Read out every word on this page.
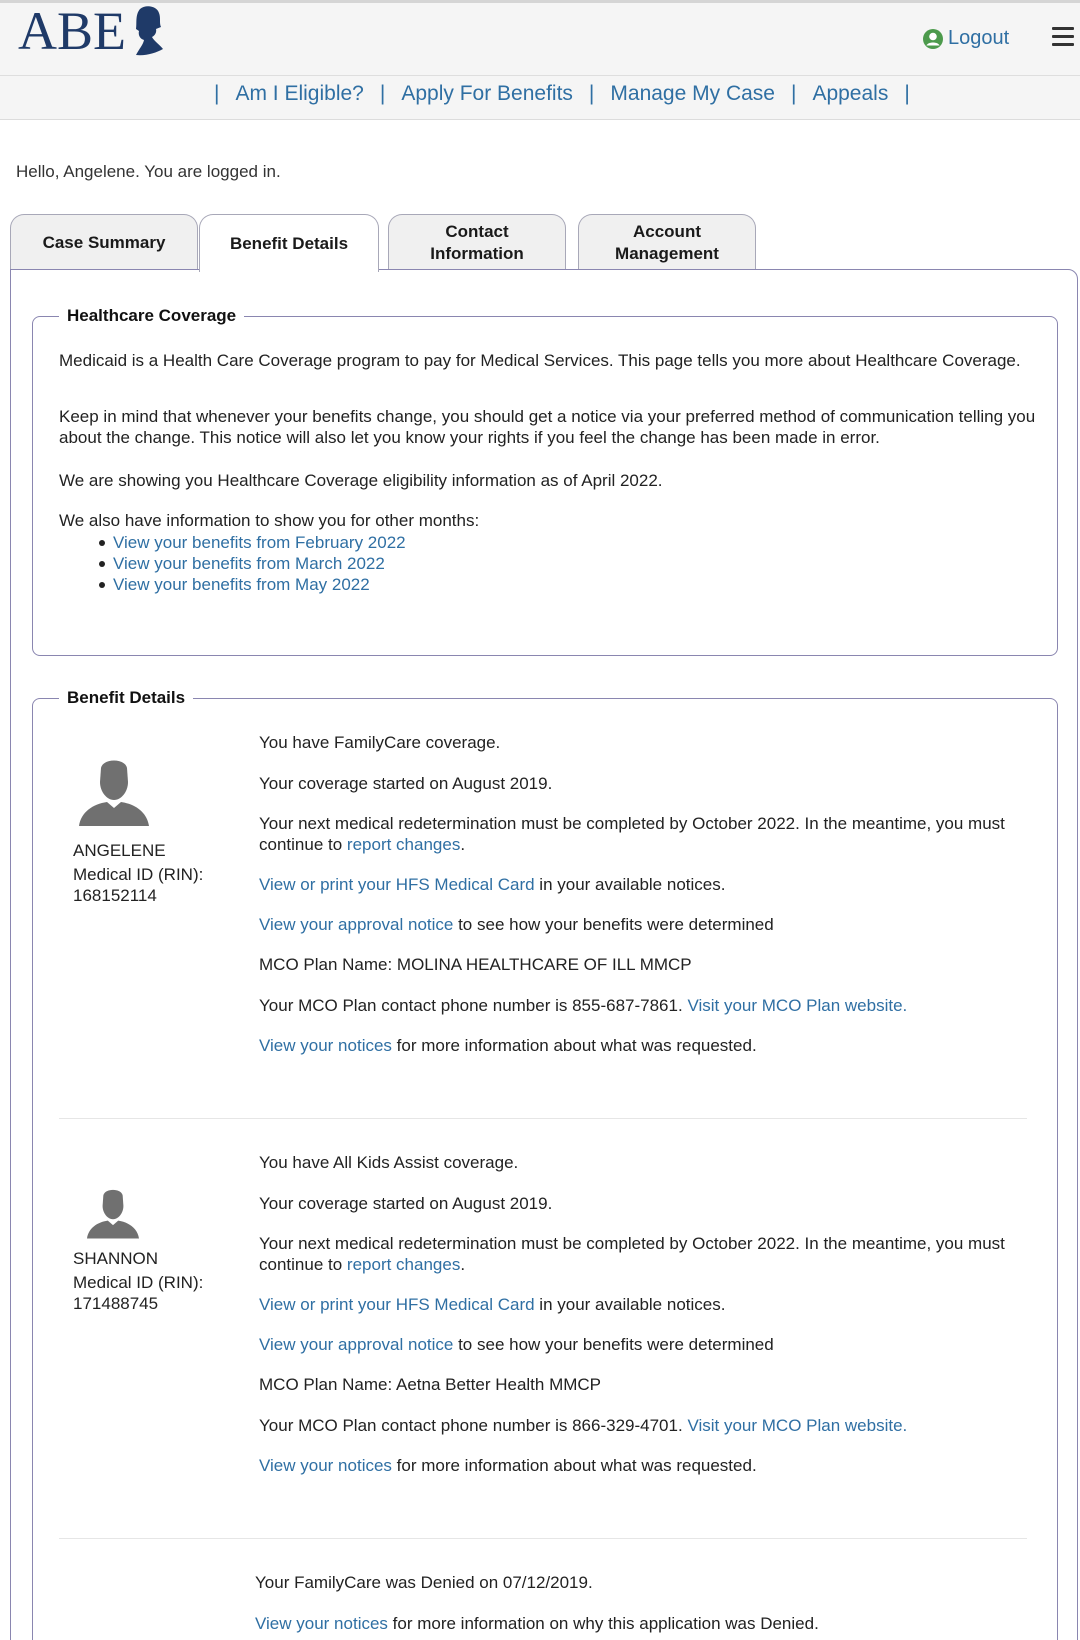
ABE	Logout
| Am I Eligible? | Apply For Benefits | Manage My Case | Appeals |
Hello, Angelene. You are logged in.
Case Summary	Benefit Details
Contact
Information
Account
Management
Healthcare Coverage

Medicaid is a Health Care Coverage program to pay for Medical Services. This page tells you more about Healthcare Coverage.

Keep in mind that whenever your benefits change, you should get a notice via your preferred method of communication telling you about the change. This notice will also let you know your rights if you feel the change has been made in error.

We are showing you Healthcare Coverage eligibility information as of April 2022.

We also have information to show you for other months:

View your benefits from February 2022
View your benefits from March 2022
View your benefits from May 2022
Benefit Details
ANGELENE
Medical ID (RIN):
168152114

You have FamilyCare coverage.

Your coverage started on August 2019.

Your next medical redetermination must be completed by October 2022. In the meantime, you must continue to report changes.

View or print your HFS Medical Card in your available notices.

View your approval notice to see how your benefits were determined

MCO Plan Name: MOLINA HEALTHCARE OF ILL MMCP

Your MCO Plan contact phone number is 855-687-7861. Visit your MCO Plan website.

View your notices for more information about what was requested.

SHANNON
Medical ID (RIN):
171488745

You have All Kids Assist coverage.

Your coverage started on August 2019.

Your next medical redetermination must be completed by October 2022. In the meantime, you must continue to report changes.

View or print your HFS Medical Card in your available notices.

View your approval notice to see how your benefits were determined

MCO Plan Name: Aetna Better Health MMCP

Your MCO Plan contact phone number is 866-329-4701. Visit your MCO Plan website.

View your notices for more information about what was requested.

Your FamilyCare was Denied on 07/12/2019.

View your notices for more information on why this application was Denied.
